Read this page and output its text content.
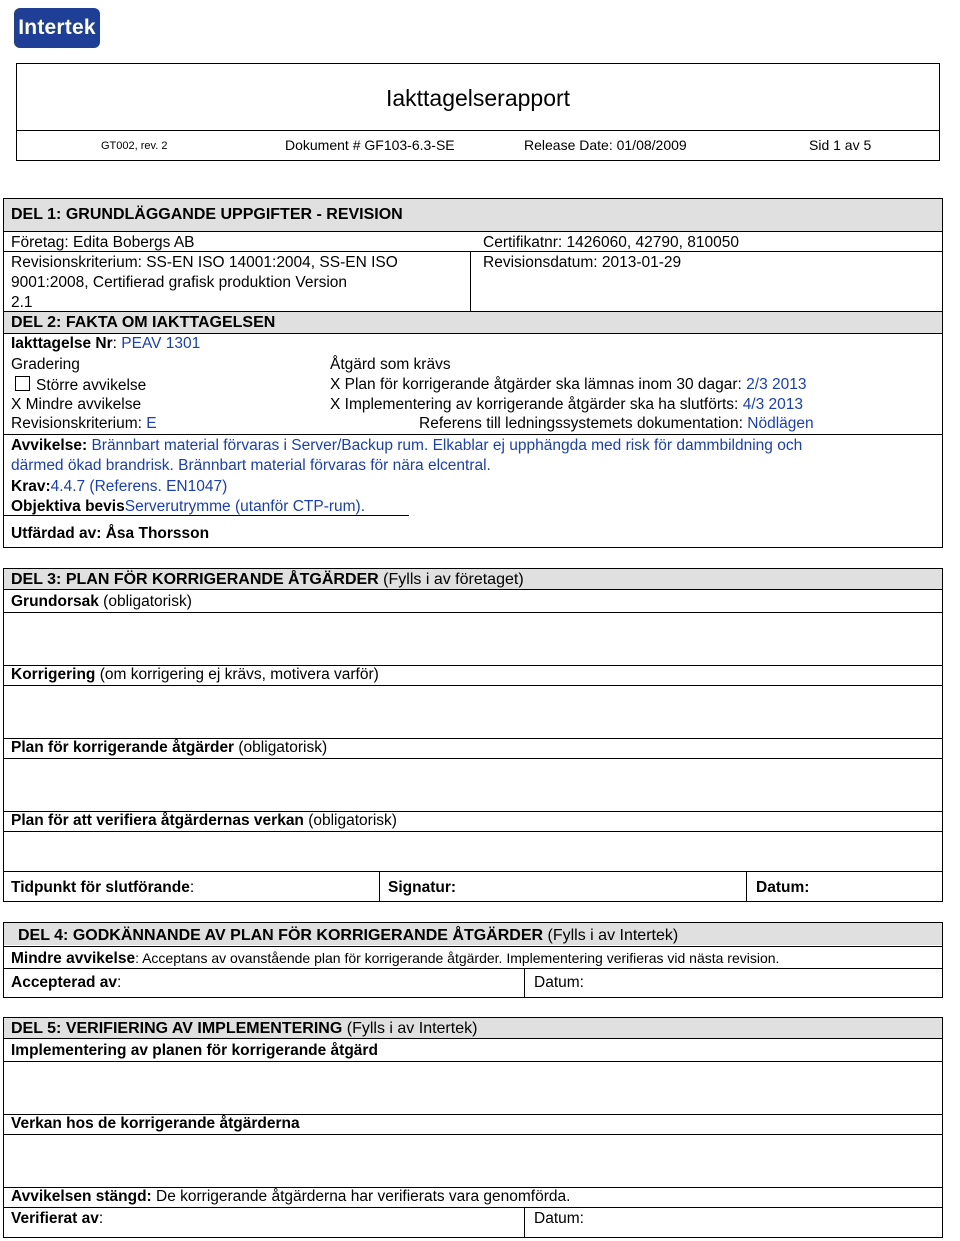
Intertek
Iakttagelserapport
GT002, rev. 2	Dokument # GF103-6.3-SE	Release Date: 01/08/2009	Sid 1 av 5
DEL 1: GRUNDLÄGGANDE UPPGIFTER - REVISION
Företag: Edita Bobergs AB	Certifikatnr: 1426060, 42790, 810050
Revisionskriterium: SS-EN ISO 14001:2004, SS-EN ISO
9001:2008, Certifierad grafisk produktion Version
2.1
Revisionsdatum: 2013-01-29
DEL 2: FAKTA OM IAKTTAGELSEN
Iakttagelse Nr: PEAV 1301
Gradering	Åtgärd som krävs
Större avvikelse	X Plan för korrigerande åtgärder ska lämnas inom 30 dagar: 2/3 2013
X Mindre avvikelse	X Implementering av korrigerande åtgärder ska ha slutförts: 4/3 2013
Revisionskriterium: E	Referens till ledningssystemets dokumentation: Nödlägen
Avvikelse: Brännbart material förvaras i Server/Backup rum. Elkablar ej upphängda med risk för dammbildning och
därmed ökad brandrisk. Brännbart material förvaras för nära elcentral.
Krav:4.4.7 (Referens. EN1047)
Objektiva bevisServerutrymme (utanför CTP-rum).
Utfärdad av: Åsa Thorsson
DEL 3: PLAN FÖR KORRIGERANDE ÅTGÄRDER (Fylls i av företaget)
Grundorsak (obligatorisk)
Korrigering (om korrigering ej krävs, motivera varför)
Plan för korrigerande åtgärder (obligatorisk)
Plan för att verifiera åtgärdernas verkan (obligatorisk)
Tidpunkt för slutförande:	Signatur:	Datum:
DEL 4: GODKÄNNANDE AV PLAN FÖR KORRIGERANDE ÅTGÄRDER (Fylls i av Intertek)
Mindre avvikelse: Acceptans av ovanstående plan för korrigerande åtgärder. Implementering verifieras vid nästa revision.
Accepterad av:	Datum:
DEL 5: VERIFIERING AV IMPLEMENTERING (Fylls i av Intertek)
Implementering av planen för korrigerande åtgärd
Verkan hos de korrigerande åtgärderna
Avvikelsen stängd: De korrigerande åtgärderna har verifierats vara genomförda.
Verifierat av:	Datum:
